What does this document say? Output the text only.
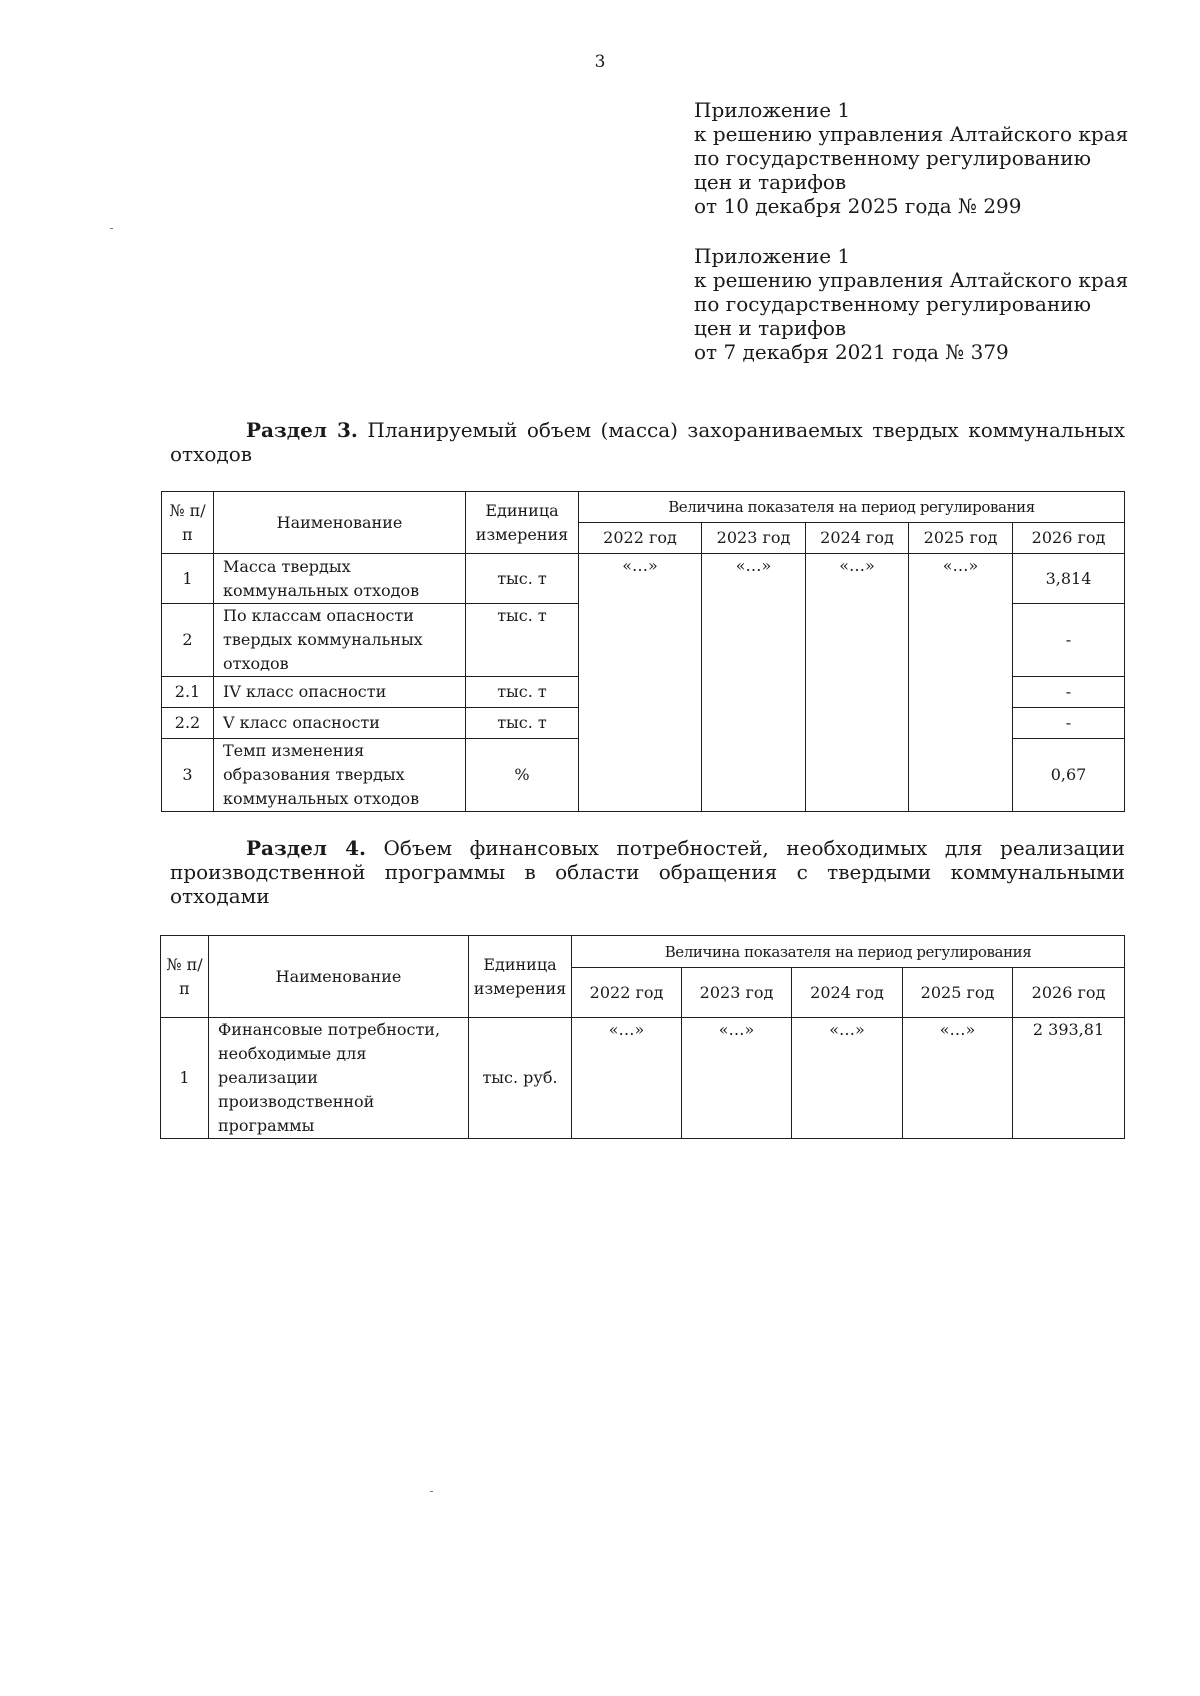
3
Приложение 1
к решению управления Алтайского края
по государственному регулированию
цен и тарифов
от 10 декабря 2025 года № 299
Приложение 1
к решению управления Алтайского края
по государственному регулированию
цен и тарифов
от 7 декабря 2021 года № 379
Раздел 3. Планируемый объем (масса) захораниваемых твердых коммунальных отходов
№ п/п	Наименование	Единица измерения	Величина показателя на период регулирования				
			2022 год	2023 год	2024 год	2025 год	2026 год
1	Масса твердых коммунальных отходов	тыс. т	«…»	«…»	«…»	«…»	3,814
2	По классам опасности твердых коммунальных отходов	тыс. т					-
2.1	IV класс опасности	тыс. т					-
2.2	V класс опасности	тыс. т					-
3	Темп изменения образования твердых коммунальных отходов	%					0,67
Раздел 4. Объем финансовых потребностей, необходимых для реализации производственной программы в области обращения с твердыми коммунальными отходами
№ п/ п	Наименование	Единица измерения	Величина показателя на период регулирования				
			2022 год	2023 год	2024 год	2025 год	2026 год
1	Финансовые потребности, необходимые для реализации производственной программы	тыс. руб.	«…»	«…»	«…»	«…»	2 393,81
